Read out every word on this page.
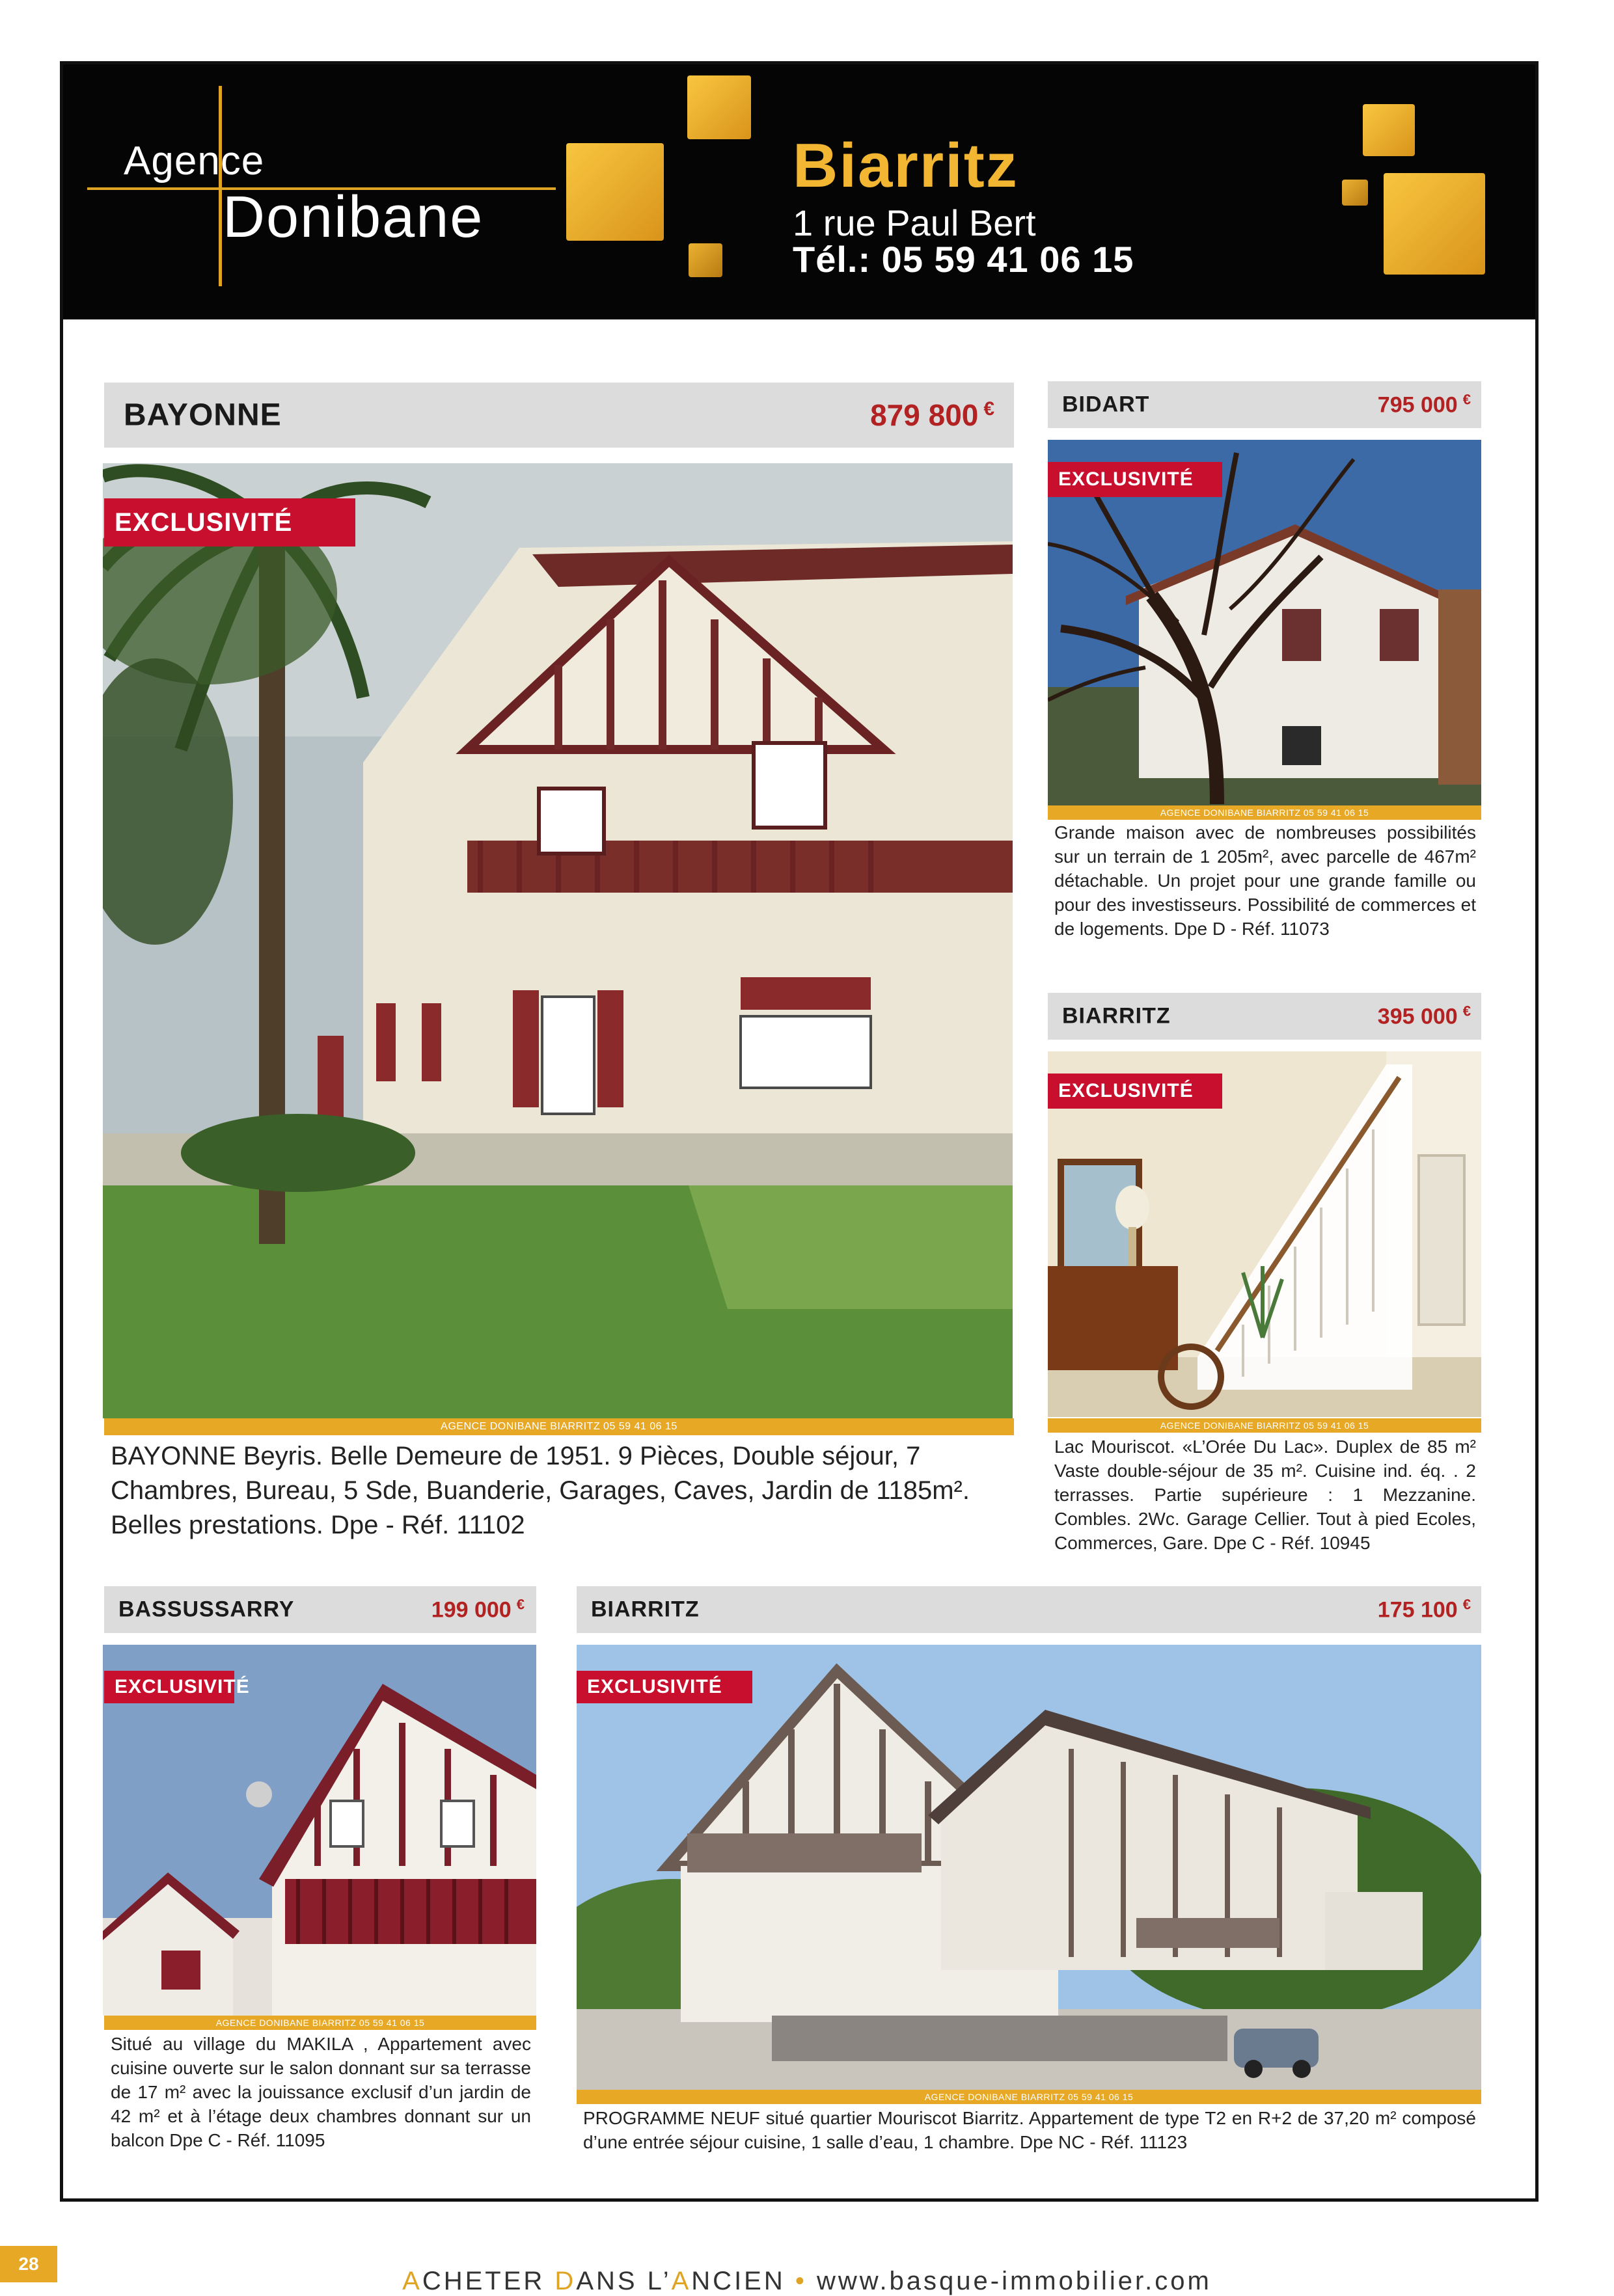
Agence
Donibane
Biarritz
1 rue Paul Bert
Tél.: 05 59 41 06 15
BAYONNE	879 800 €
EXCLUSIVITÉ
AGENCE DONIBANE BIARRITZ 05 59 41 06 15
BAYONNE Beyris. Belle Demeure de 1951. 9 Pièces, Double séjour, 7 Chambres, Bureau, 5 Sde, Buanderie, Garages, Caves, Jardin de 1185m². Belles prestations. Dpe - Réf. 11102
BIDART	795 000 €
EXCLUSIVITÉ
AGENCE DONIBANE BIARRITZ 05 59 41 06 15
Grande maison avec de nombreuses possibilités sur un terrain de 1 205m², avec parcelle de 467m² détachable. Un projet pour une grande famille ou pour des investisseurs. Possibilité de commerces et de logements. Dpe D - Réf. 11073
BIARRITZ	395 000 €
EXCLUSIVITÉ
AGENCE DONIBANE BIARRITZ 05 59 41 06 15
Lac Mouriscot. «L’Orée Du Lac». Duplex de 85 m² Vaste double-séjour de 35 m². Cuisine ind. éq. . 2 terrasses. Partie supérieure : 1 Mezzanine. Combles. 2Wc. Garage Cellier. Tout à pied Ecoles, Commerces, Gare. Dpe C - Réf. 10945
BASSUSSARRY	199 000 €
EXCLUSIVITÉ
AGENCE DONIBANE BIARRITZ 05 59 41 06 15
Situé au village du MAKILA , Appartement avec cuisine ouverte sur le salon donnant sur sa terrasse de 17 m² avec la jouissance exclusif d’un jardin de 42 m² et à l’étage deux chambres donnant sur un balcon Dpe C - Réf. 11095
BIARRITZ	175 100 €
EXCLUSIVITÉ
AGENCE DONIBANE BIARRITZ 05 59 41 06 15
PROGRAMME NEUF situé quartier Mouriscot Biarritz. Appartement de type T2 en R+2 de 37,20 m² composé d’une entrée séjour cuisine, 1 salle d’eau, 1 chambre. Dpe NC - Réf. 11123
28
ACHETER DANS L’ANCIEN • www.basque-immobilier.com
